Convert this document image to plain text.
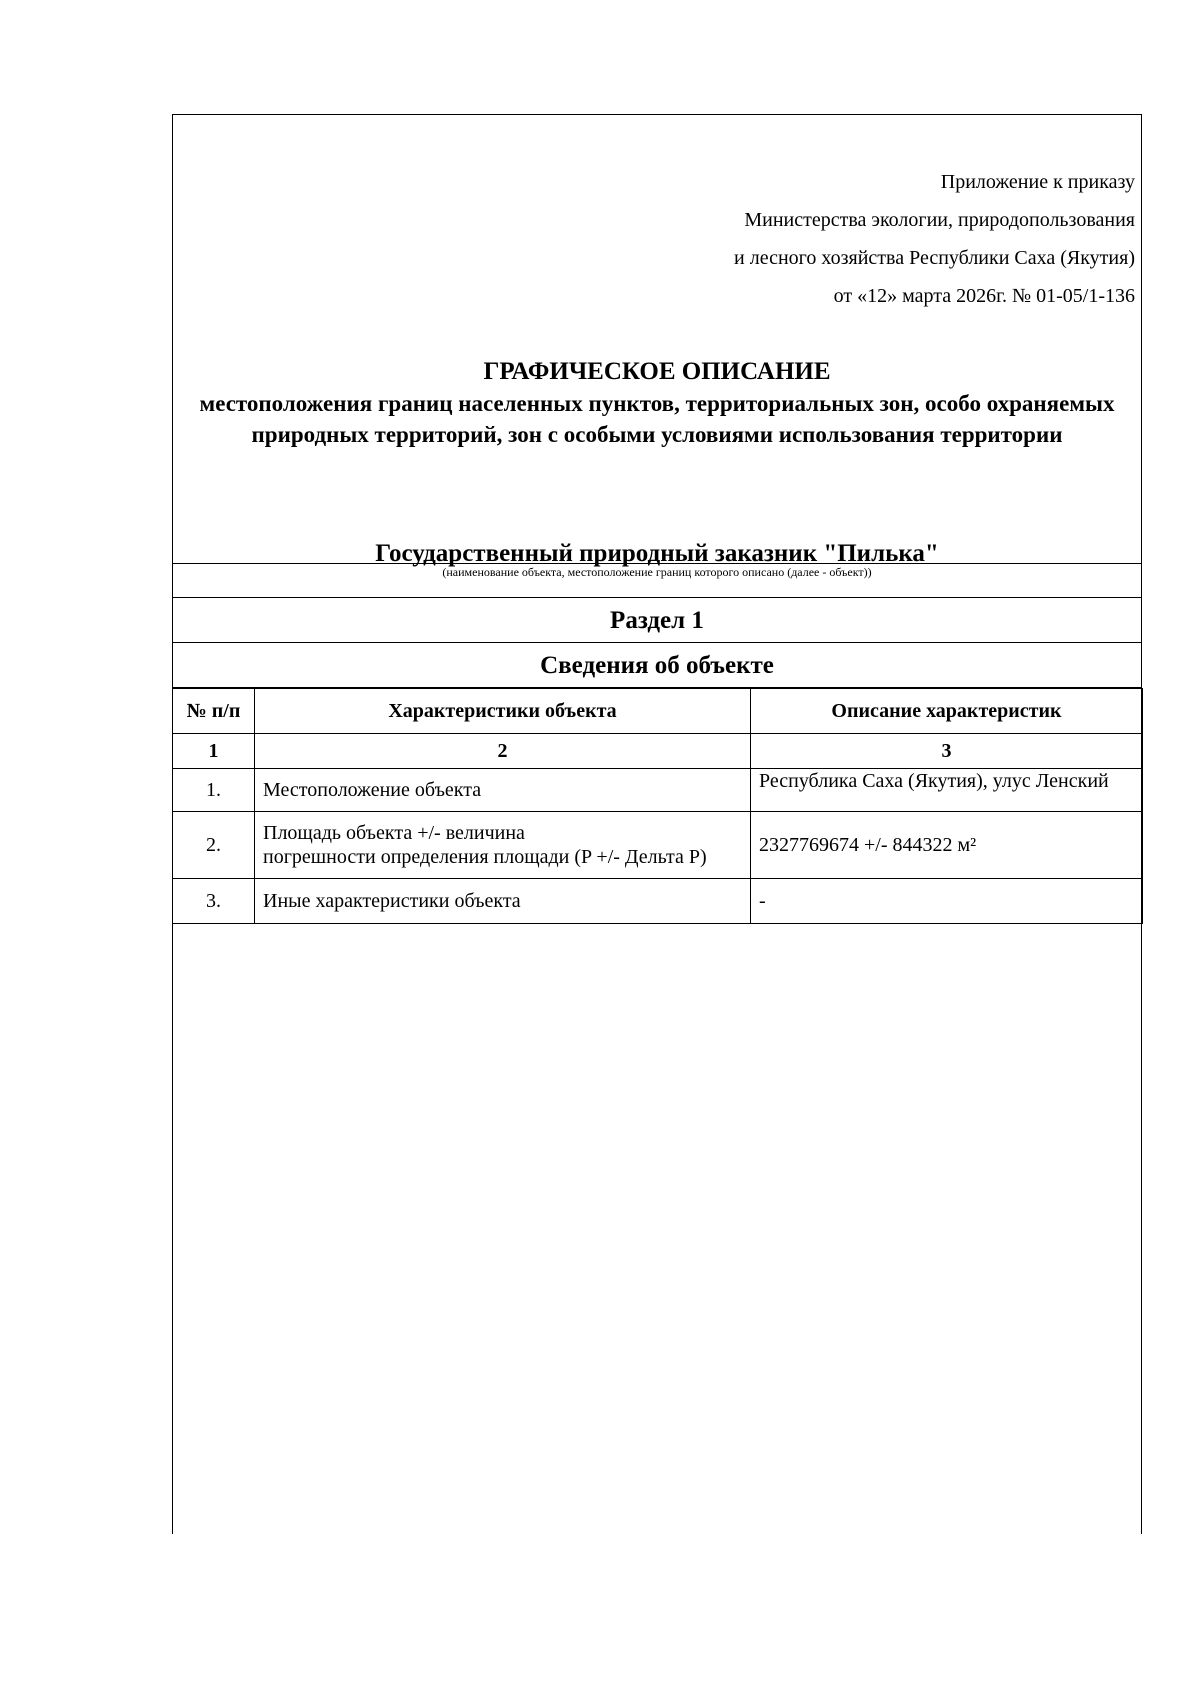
Приложение к приказу
Министерства экологии, природопользования
и лесного хозяйства Республики Саха (Якутия)
от «12» марта 2026г. № 01-05/1-136
ГРАФИЧЕСКОЕ ОПИСАНИЕ
местоположения границ населенных пунктов, территориальных зон, особо охраняемых природных территорий, зон с особыми условиями использования территории
Государственный природный заказник "Пилька"
(наименование объекта, местоположение границ которого описано (далее - объект))
Раздел 1
Сведения об объекте
№ п/п	Характеристики объекта	Описание характеристик
1	2	3
1.	Местоположение объекта	Республика Саха (Якутия), улус Ленский

2.	Площадь объекта +/- величина
погрешности определения площади (P +/- Дельта P)	2327769674 +/- 844322 м²
3.	Иные характеристики объекта	-
